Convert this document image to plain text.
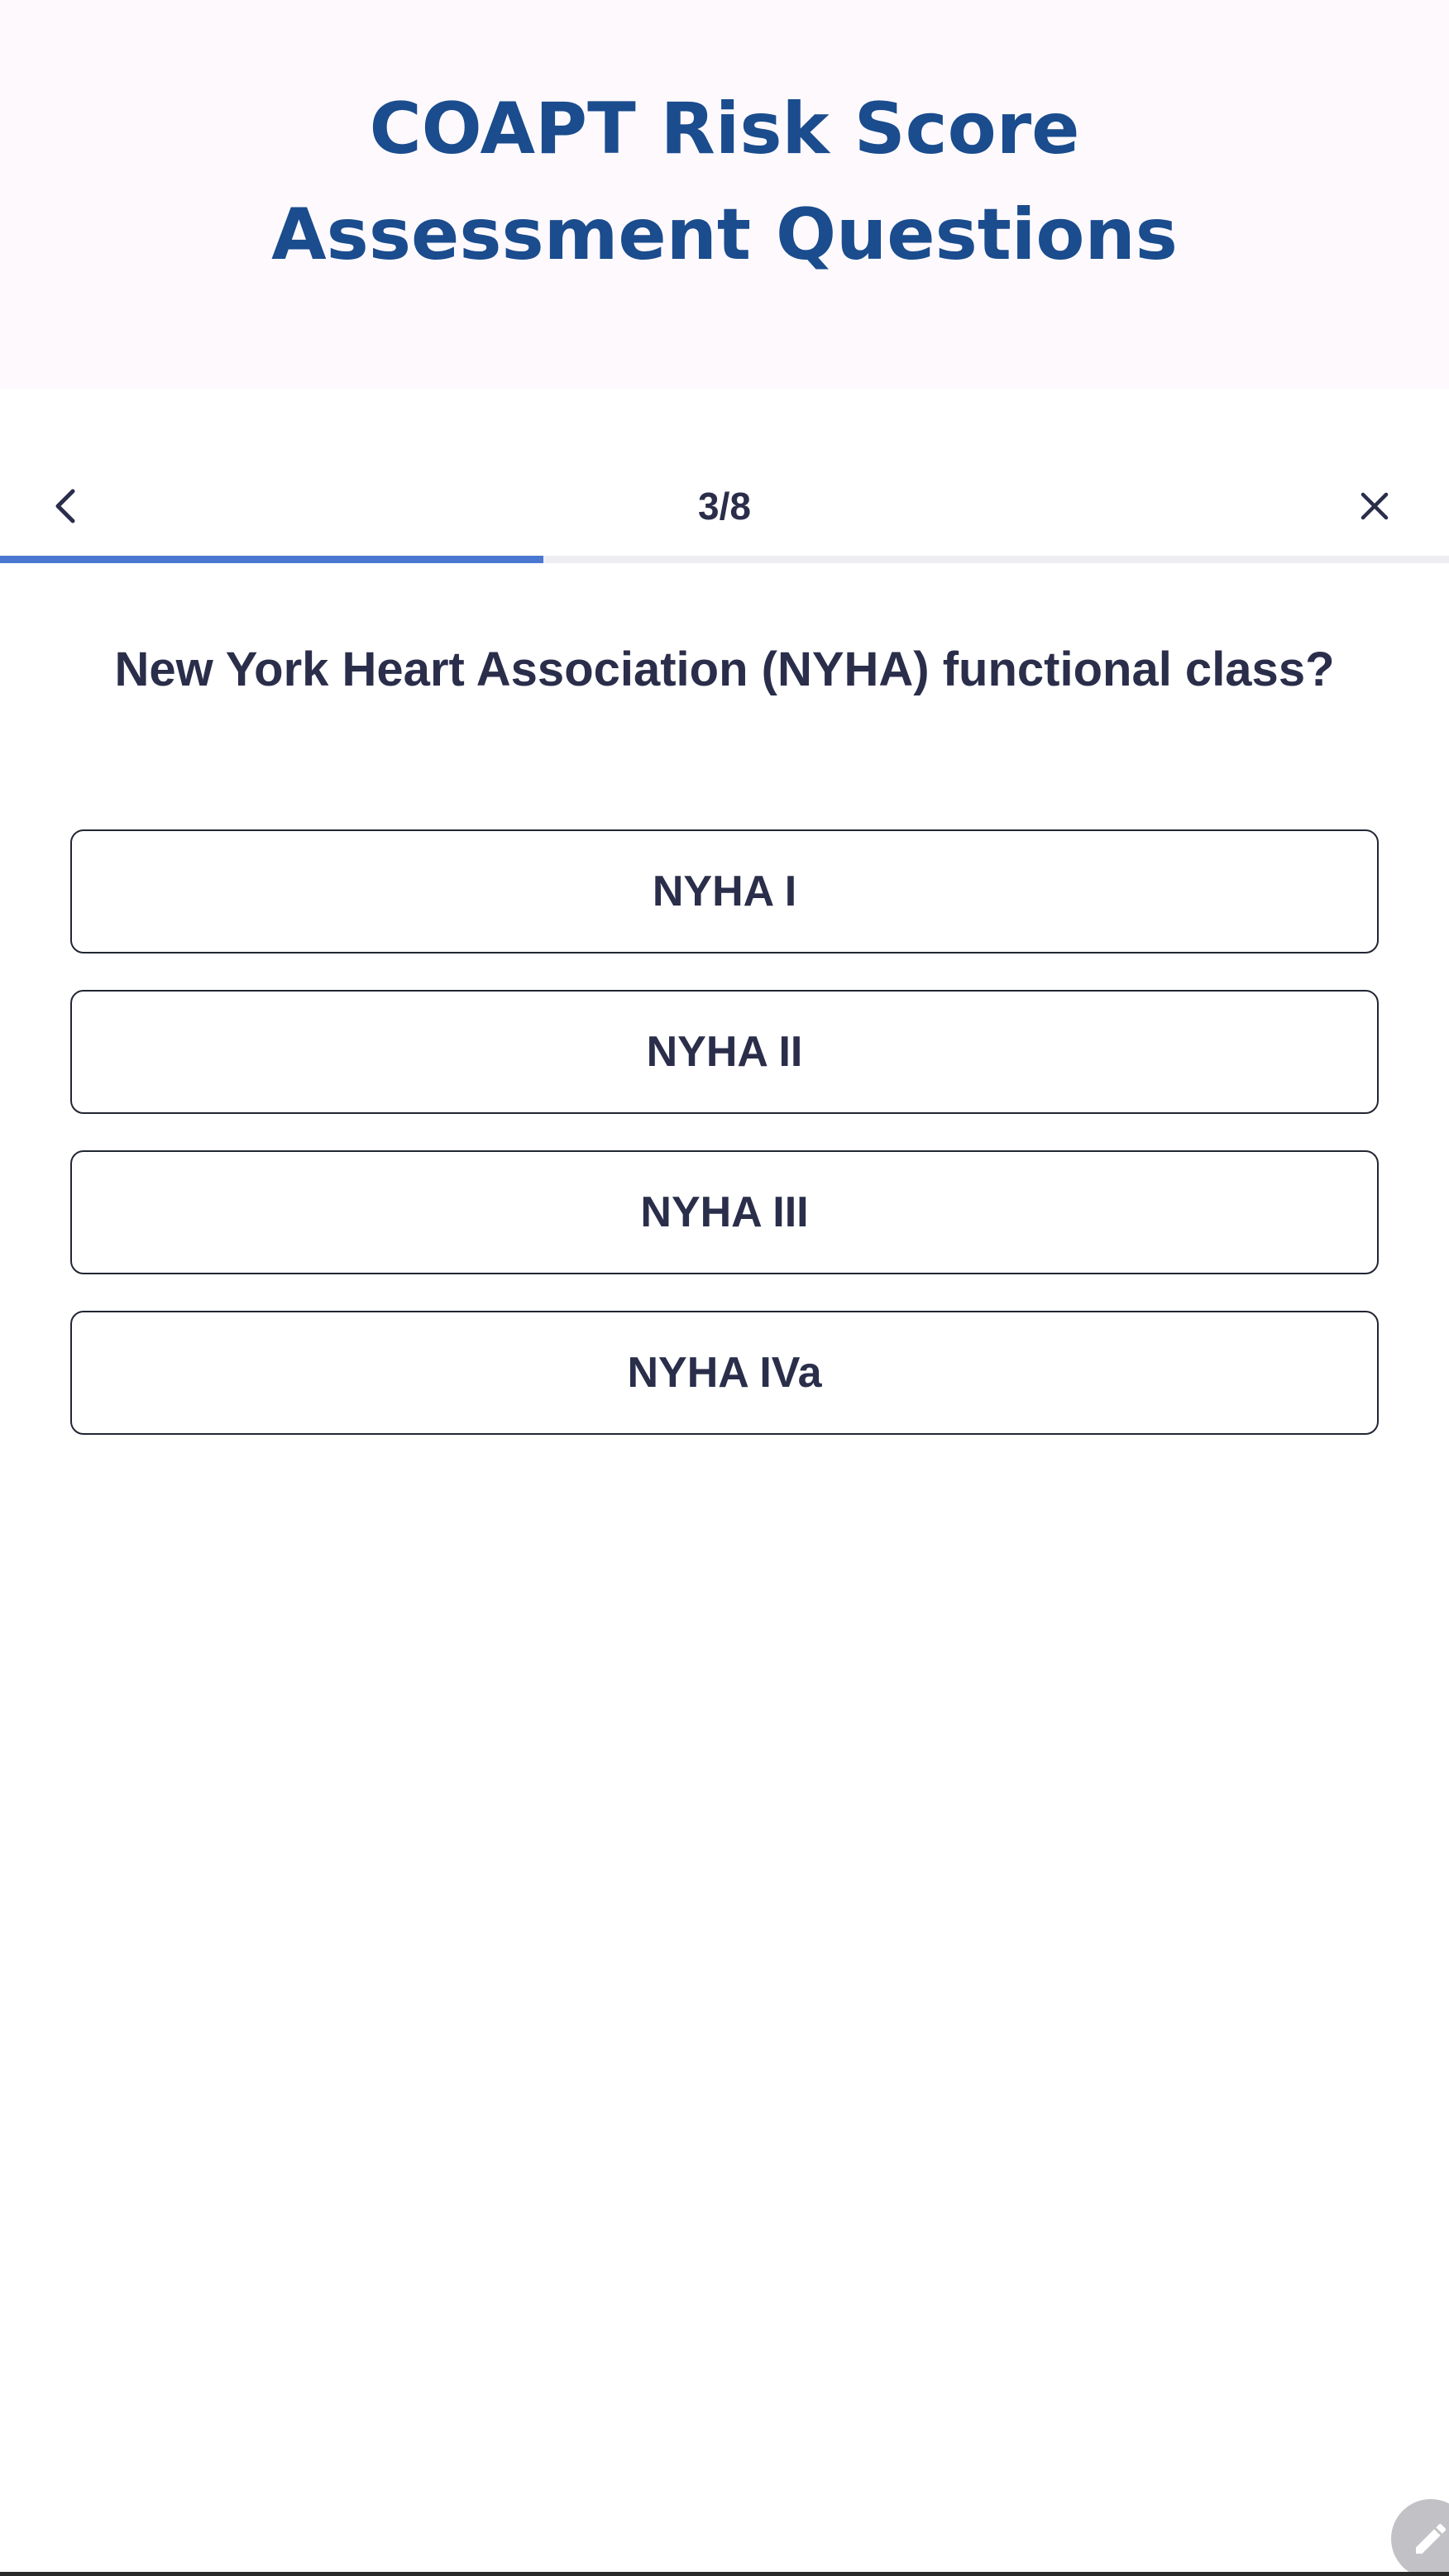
COAPT Risk Score
Assessment Questions
3/8
New York Heart Association (NYHA) functional class?
NYHA I
NYHA II
NYHA III
NYHA IVa
